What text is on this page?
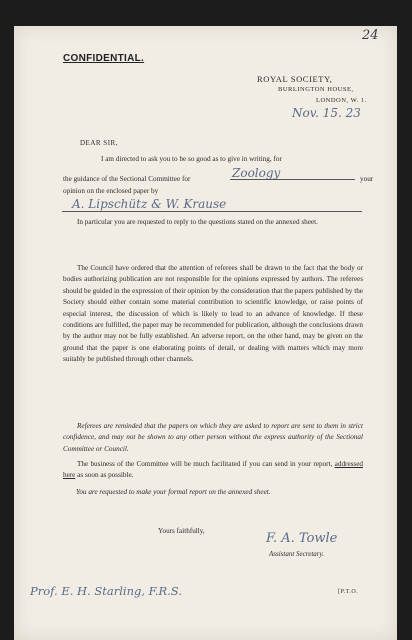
24
CONFIDENTIAL.
ROYAL SOCIETY,
BURLINGTON HOUSE,
LONDON, W. 1.
Nov. 15. 23
DEAR SIR,
I am directed to ask you to be so good as to give in writing, for
the guidance of the Sectional Committee for	Zoology	your
opinion on the enclosed paper by
A. Lipschütz & W. Krause
In particular you are requested to reply to the questions stated on the annexed sheet.
The Council have ordered that the attention of referees shall be drawn to the fact that the body or bodies authorizing publication are not responsible for the opinions expressed by authors. The referees should be guided in the expression of their opinion by the consideration that the papers published by the Society should either contain some material contribution to scientific knowledge, or raise points of especial interest, the discussion of which is likely to lead to an advance of knowledge. If these conditions are fulfilled, the paper may be recommended for publication, although the conclusions drawn by the author may not be fully established. An adverse report, on the other hand, may be given on the ground that the paper is one elaborating points of detail, or dealing with matters which may more suitably be published through other channels.
Referees are reminded that the papers on which they are asked to report are sent to them in strict confidence, and may not be shown to any other person without the express authority of the Sectional Committee or Council.
The business of the Committee will be much facilitated if you can send in your report, addressed here as soon as possible.
You are requested to make your formal report on the annexed sheet.
Yours faithfully,	F. A. Towle
Assistant Secretary.
Prof. E. H. Starling, F.R.S.	[P.T.O.
